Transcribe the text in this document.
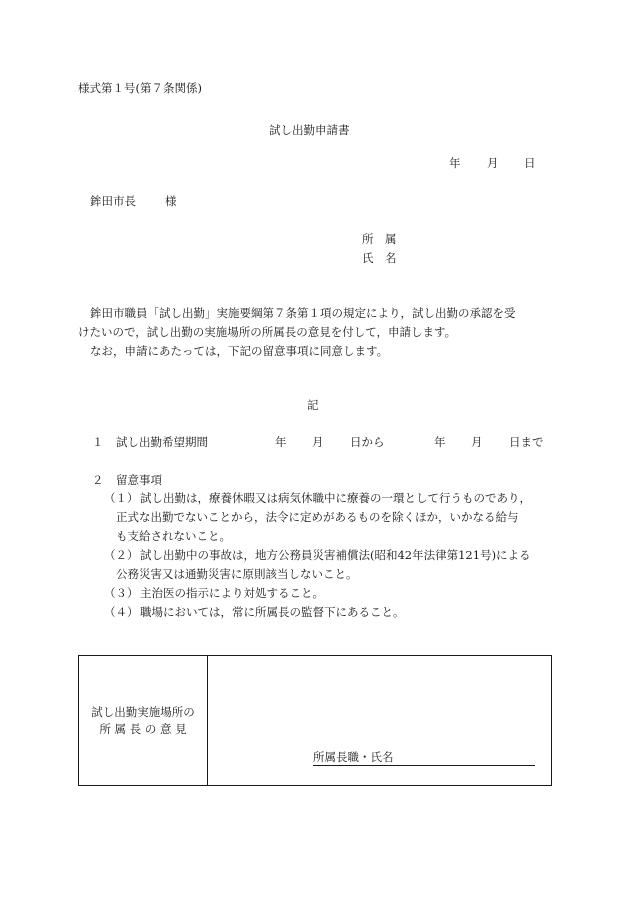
様式第１号(第７条関係)
試し出勤申請書
年 月 日
鉾田市長	様
所　属
氏　名
鉾田市職員「試し出勤」実施要綱第７条第１項の規定により，試し出勤の承認を受
けたいので，試し出勤の実施場所の所属長の意見を付して，申請します。
なお，申請にあたっては，下記の留意事項に同意します。
記
１ 試し出勤希望期間	年 月 日から	年 月 日まで
２ 留意事項
（１） 試し出勤は，療養休暇又は病気休職中に療養の一環として行うものであり，
正式な出勤でないことから，法令に定めがあるものを除くほか，いかなる給与
も支給されないこと。
（２） 試し出勤中の事故は，地方公務員災害補償法(昭和42年法律第121号)による
公務災害又は通勤災害に原則該当しないこと。
（３） 主治医の指示により対処すること。
（４） 職場においては，常に所属長の監督下にあること。
試し出勤実施場所の
所 属 長 の 意 見

所属長職・氏名
